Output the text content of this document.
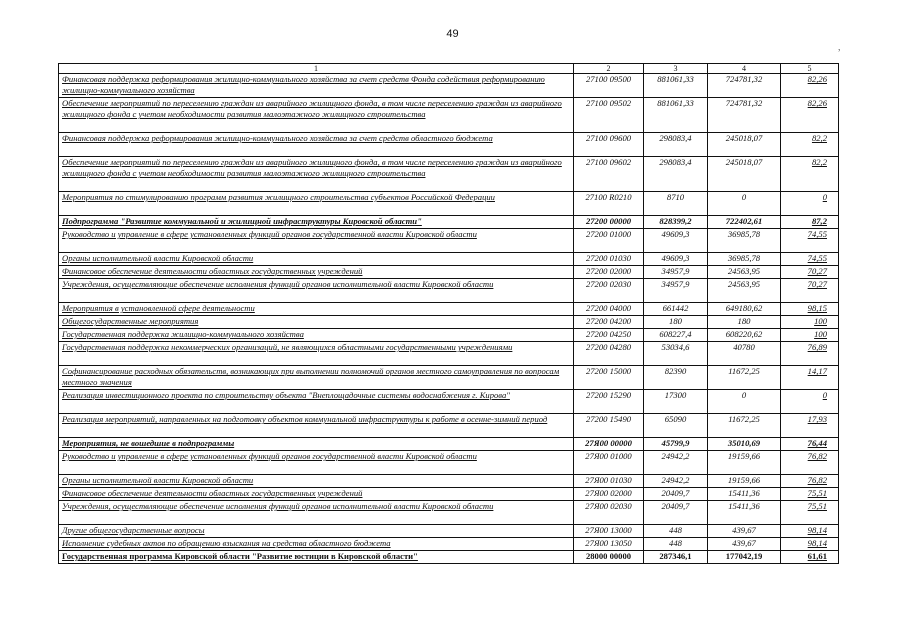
49
,
1	2	3	4	5
Финансовая поддержка реформирования жилищно-коммунального хозяйства за счет средств Фонда содействия реформированию жилищно-коммунального хозяйства	27100 09500	881061,33	724781,32	82,26
Обеспечение мероприятий по переселению граждан из аварийного жилищного фонда, в том числе переселению граждан из аварийного жилищного фонда с учетом необходимости развития малоэтажного жилищного строительства	27100 09502	881061,33	724781,32	82,26
Финансовая поддержка реформирования жилищно-коммунального хозяйства за счет средств областного бюджета	27100 09600	298083,4	245018,07	82,2
Обеспечение мероприятий по переселению граждан из аварийного жилищного фонда, в том числе переселению граждан из аварийного жилищного фонда с учетом необходимости развития малоэтажного жилищного строительства	27100 09602	298083,4	245018,07	82,2
Мероприятия по стимулированию программ развития жилищного строительства субъектов Российской Федерации	27100 R0210	8710	0	0
Подпрограмма "Развитие коммунальной и жилищной инфраструктуры Кировской области"	27200 00000	828399,2	722402,61	87,2
Руководство и управление в сфере установленных функций органов государственной власти Кировской области	27200 01000	49609,3	36985,78	74,55
Органы исполнительной власти Кировской области	27200 01030	49609,3	36985,78	74,55
Финансовое обеспечение деятельности областных государственных учреждений	27200 02000	34957,9	24563,95	70,27
Учреждения, осуществляющие обеспечение исполнения функций органов исполнительной власти Кировской области	27200 02030	34957,9	24563,95	70,27
Мероприятия в установленной сфере деятельности	27200 04000	661442	649180,62	98,15
Общегосударственные мероприятия	27200 04200	180	180	100
Государственная поддержка жилищно-коммунального хозяйства	27200 04250	608227,4	608220,62	100
Государственная поддержка некоммерческих организаций, не являющихся областными государственными учреждениями	27200 04280	53034,6	40780	76,89
Софинансирование расходных обязательств, возникающих при выполнении полномочий органов местного самоуправления по вопросам местного значения	27200 15000	82390	11672,25	14,17
Реализация инвестиционного проекта по строительству объекта "Внеплощадочные системы водоснабжения г. Кирова"	27200 15290	17300	0	0
Реализация мероприятий, направленных на подготовку объектов коммунальной инфраструктуры к работе в осенне-зимний период	27200 15490	65090	11672,25	17,93
Мероприятия, не вошедшие в подпрограммы	27Я00 00000	45799,9	35010,69	76,44
Руководство и управление в сфере установленных функций органов государственной власти Кировской области	27Я00 01000	24942,2	19159,66	76,82
Органы исполнительной власти Кировской области	27Я00 01030	24942,2	19159,66	76,82
Финансовое обеспечение деятельности областных государственных учреждений	27Я00 02000	20409,7	15411,36	75,51
Учреждения, осуществляющие обеспечение исполнения функций органов исполнительной власти Кировской области	27Я00 02030	20409,7	15411,36	75,51
Другие общегосударственные вопросы	27Я00 13000	448	439,67	98,14
Исполнение судебных актов по обращению взыскания на средства областного бюджета	27Я00 13050	448	439,67	98,14
Государственная программа Кировской области "Развитие юстиции в Кировской области"	28000 00000	287346,1	177042,19	61,61
